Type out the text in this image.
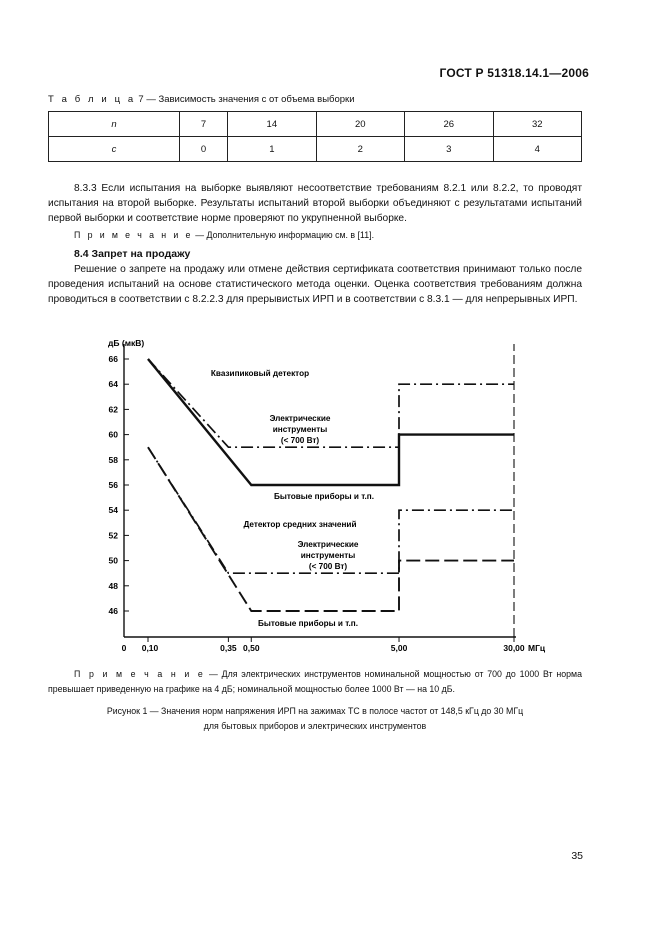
ГОСТ Р 51318.14.1—2006
Т а б л и ц а 7 — Зависимость значения c от объема выборки
n	7	14	20	26	32
c	0	1	2	3	4
8.3.3 Если испытания на выборке выявляют несоответствие требованиям 8.2.1 или 8.2.2, то проводят испытания на второй выборке. Результаты испытаний второй выборки объединяют с результатами испытаний первой выборки и соответствие норме проверяют по укрупненной выборке.
П р и м е ч а н и е — Дополнительную информацию см. в [11].
8.4 Запрет на продажу
Решение о запрете на продажу или отмене действия сертификата соответствия принимают только после проведения испытаний на основе статистического метода оценки. Оценка соответствия требованиям должна проводиться в соответствии с 8.2.2.3 для прерывистых ИРП и в соответствии с 8.3.1 — для непрерывных ИРП.
46
48
50
52
54
56
58
60
62
64
66
дБ (мкВ)
0 0,10	0,35 0,50	5,00	30,00 МГц
Квазипиковый детектор
Электрические
инструменты
(< 700 Вт)
Бытовые приборы и т.п.
Детектор средних значений
Электрические
инструменты
(< 700 Вт)
Бытовые приборы и т.п.
П р и м е ч а н и е — Для электрических инструментов номинальной мощностью от 700 до 1000 Вт норма превышает приведенную на графике на 4 дБ; номинальной мощностью более 1000 Вт — на 10 дБ.
Рисунок 1 — Значения норм напряжения ИРП на зажимах ТС в полосе частот от 148,5 кГц до 30 МГц
для бытовых приборов и электрических инструментов
35
